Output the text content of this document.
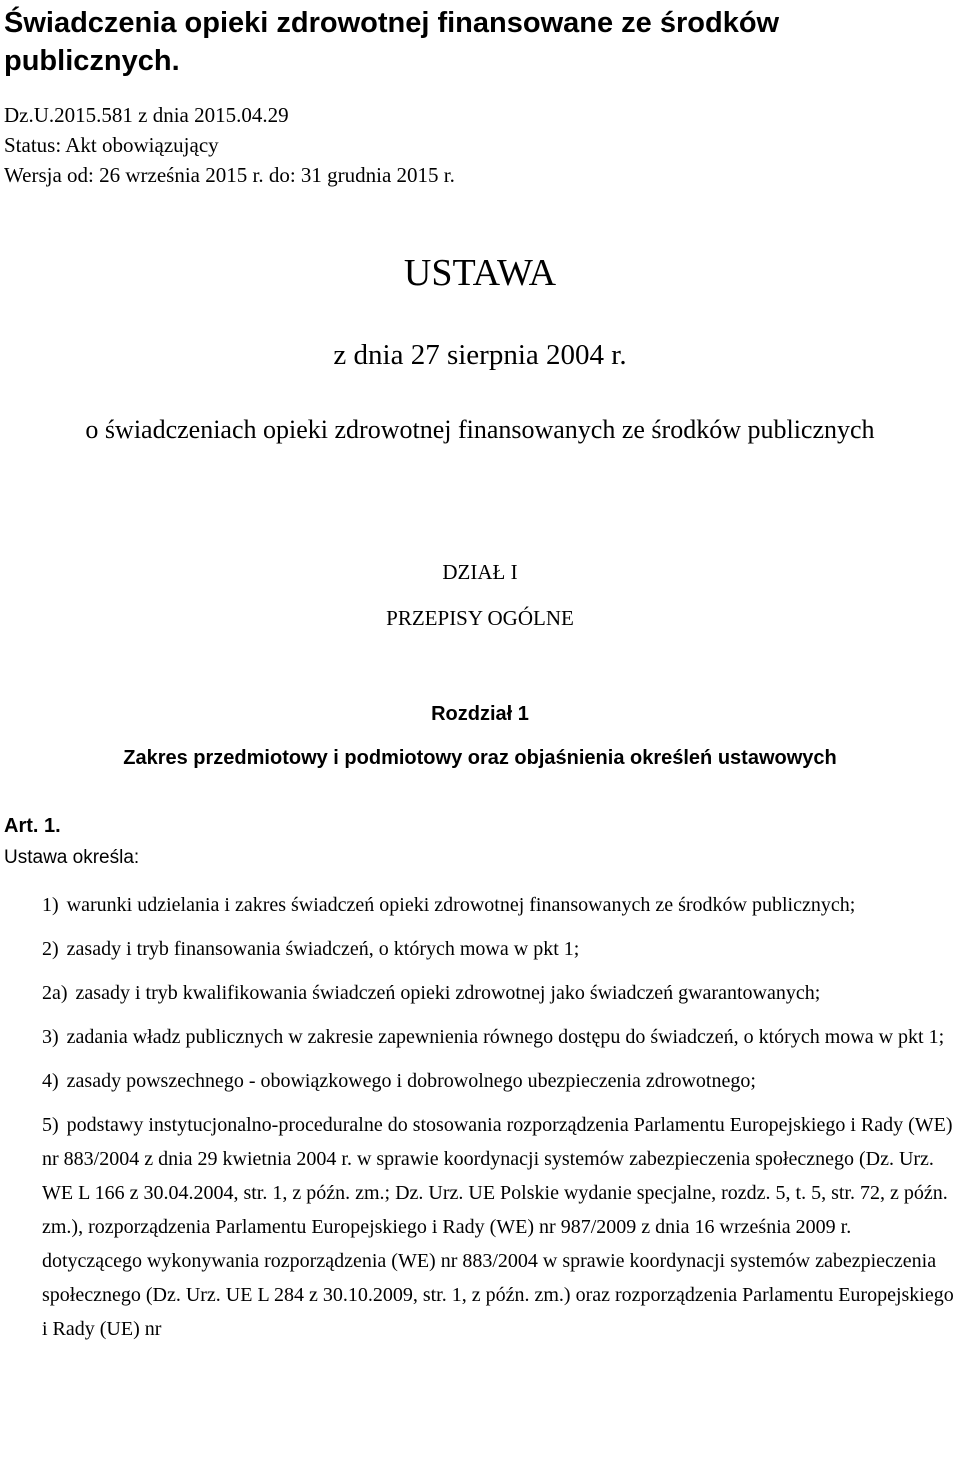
Świadczenia opieki zdrowotnej finansowane ze środków publicznych.
Dz.U.2015.581 z dnia 2015.04.29
Status: Akt obowiązujący
Wersja od: 26 września 2015 r. do: 31 grudnia 2015 r.
USTAWA
z dnia 27 sierpnia 2004 r.
o świadczeniach opieki zdrowotnej finansowanych ze środków publicznych
DZIAŁ I
PRZEPISY OGÓLNE
Rozdział 1
Zakres przedmiotowy i podmiotowy oraz objaśnienia określeń ustawowych
Art. 1.
Ustawa określa:
1) warunki udzielania i zakres świadczeń opieki zdrowotnej finansowanych ze środków publicznych;
2) zasady i tryb finansowania świadczeń, o których mowa w pkt 1;
2a) zasady i tryb kwalifikowania świadczeń opieki zdrowotnej jako świadczeń gwarantowanych;
3) zadania władz publicznych w zakresie zapewnienia równego dostępu do świadczeń, o których mowa w pkt 1;
4) zasady powszechnego - obowiązkowego i dobrowolnego ubezpieczenia zdrowotnego;
5) podstawy instytucjonalno-proceduralne do stosowania rozporządzenia Parlamentu Europejskiego i Rady (WE) nr 883/2004 z dnia 29 kwietnia 2004 r. w sprawie koordynacji systemów zabezpieczenia społecznego (Dz. Urz. WE L 166 z 30.04.2004, str. 1, z późn. zm.; Dz. Urz. UE Polskie wydanie specjalne, rozdz. 5, t. 5, str. 72, z późn. zm.), rozporządzenia Parlamentu Europejskiego i Rady (WE) nr 987/2009 z dnia 16 września 2009 r. dotyczącego wykonywania rozporządzenia (WE) nr 883/2004 w sprawie koordynacji systemów zabezpieczenia społecznego (Dz. Urz. UE L 284 z 30.10.2009, str. 1, z późn. zm.) oraz rozporządzenia Parlamentu Europejskiego i Rady (UE) nr
